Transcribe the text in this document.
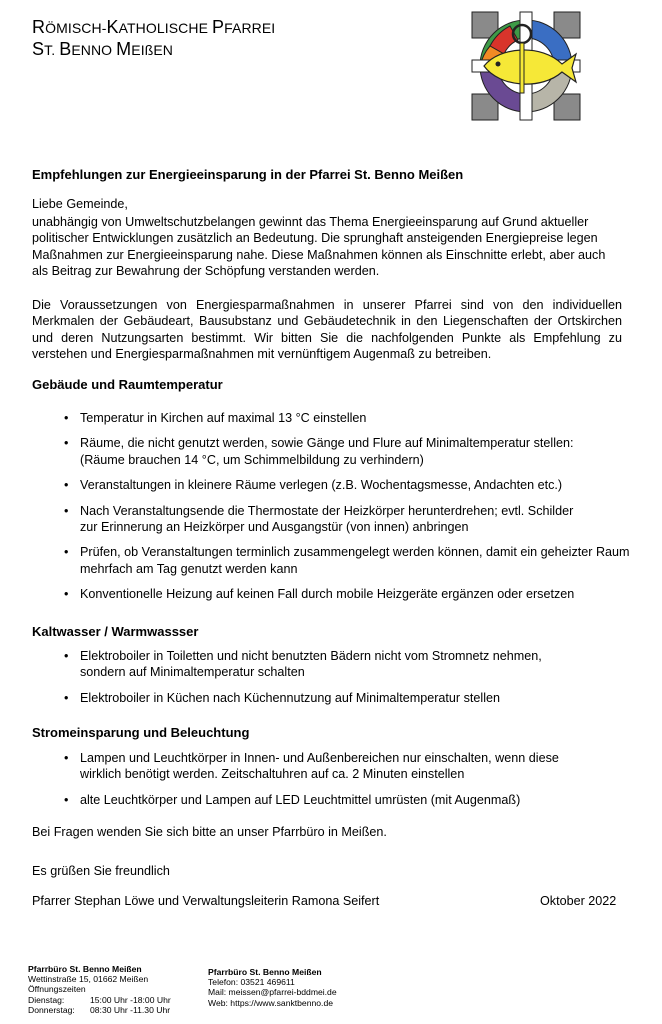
RÖMISCH-KATHOLISCHE PFARREI
ST. BENNO MEIßEN
Empfehlungen zur Energieeinsparung in der Pfarrei St. Benno Meißen
Liebe Gemeinde,
unabhängig von Umweltschutzbelangen gewinnt das Thema Energieeinsparung auf Grund aktueller politischer Entwicklungen zusätzlich an Bedeutung. Die sprunghaft ansteigenden Energiepreise legen Maßnahmen zur Energieeinsparung nahe. Diese Maßnahmen können als Einschnitte erlebt, aber auch als Beitrag zur Bewahrung der Schöpfung verstanden werden.
Die Voraussetzungen von Energiesparmaßnahmen in unserer Pfarrei sind von den individuellen Merkmalen der Gebäudeart, Bausubstanz und Gebäudetechnik in den Liegenschaften der Ortskirchen und deren Nutzungsarten bestimmt. Wir bitten Sie die nachfolgenden Punkte als Empfehlung zu verstehen und Energiesparmaßnahmen mit vernünftigem Augenmaß zu betreiben.
Gebäude und Raumtemperatur
• Temperatur in Kirchen auf maximal 13 °C einstellen
• Räume, die nicht genutzt werden, sowie Gänge und Flure auf Minimaltemperatur stellen:
(Räume brauchen 14 °C, um Schimmelbildung zu verhindern)
• Veranstaltungen in kleinere Räume verlegen (z.B. Wochentagsmesse, Andachten etc.)
• Nach Veranstaltungsende die Thermostate der Heizkörper herunterdrehen; evtl. Schilder
zur Erinnerung an Heizkörper und Ausgangstür (von innen) anbringen
• Prüfen, ob Veranstaltungen terminlich zusammengelegt werden können, damit ein geheizter Raum
mehrfach am Tag genutzt werden kann
• Konventionelle Heizung auf keinen Fall durch mobile Heizgeräte ergänzen oder ersetzen
Kaltwasser / Warmwassser
• Elektroboiler in Toiletten und nicht benutzten Bädern nicht vom Stromnetz nehmen,
sondern auf Minimaltemperatur schalten
• Elektroboiler in Küchen nach Küchennutzung auf Minimaltemperatur stellen
Stromeinsparung und Beleuchtung
• Lampen und Leuchtkörper in Innen- und Außenbereichen nur einschalten, wenn diese
wirklich benötigt werden. Zeitschaltuhren auf ca. 2 Minuten einstellen
• alte Leuchtkörper und Lampen auf LED Leuchtmittel umrüsten (mit Augenmaß)
Bei Fragen wenden Sie sich bitte an unser Pfarrbüro in Meißen.
Es grüßen Sie freundlich
Pfarrer Stephan Löwe und Verwaltungsleiterin Ramona Seifert	Oktober 2022
Pfarrbüro St. Benno Meißen
Wettinstraße 15, 01662 Meißen
Öffnungszeiten
Dienstag:	15:00 Uhr -18:00 Uhr
Donnerstag: 08:30 Uhr -11.30 Uhr
Pfarrbüro St. Benno Meißen
Telefon: 03521 469611
Mail: meissen@pfarrei-bddmei.de
Web: https://www.sanktbenno.de
